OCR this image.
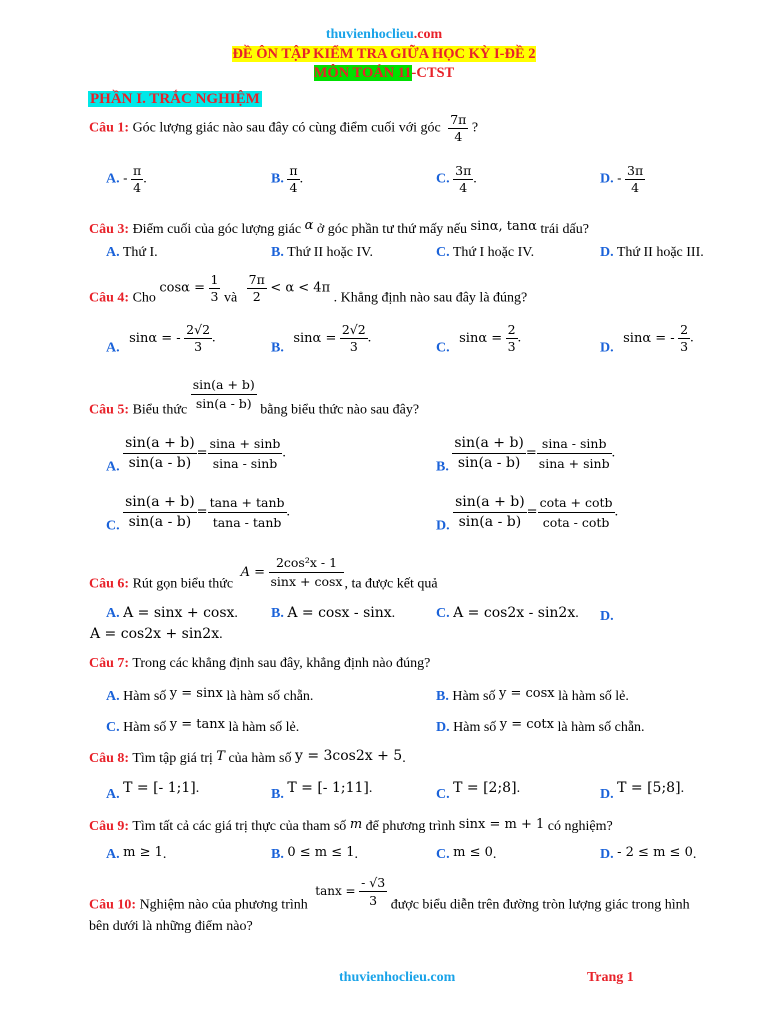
thuvienhoclieu.com
ĐỀ ÔN TẬP KIỂM TRA GIỮA HỌC KỲ I-ĐỀ 2
MÔN TOÁN 11-CTST
PHẦN I. TRẮC NGHIỆM
Câu 1: Góc lượng giác nào sau đây có cùng điểm cuối với góc $\frac{7\pi}{4}$ ?
A. - $\frac{\pi}{4}$ .	B. $\frac{\pi}{4}$ .	C. $\frac{3\pi}{4}$ .	D. - $\frac{3\pi}{4}$
Câu 3: Điểm cuối của góc lượng giác α ở góc phần tư thứ mấy nếu sinα, tanα trái dấu?
A. Thứ I.	B. Thứ II hoặc IV.	C. Thứ I hoặc IV.	D. Thứ II hoặc III.
Câu 4: Cho $\cos\alpha = \frac{1}{3}$ và $\frac{7\pi}{2} < \alpha < 4\pi$ . Khẳng định nào sau đây là đúng?
A. sinα = - $\frac{2√2}{3}$ .
B. $\sin\alpha = \frac{2√2}{3}$ .
C. $\sin\alpha = \frac{2}{3}$ .
D. sinα = - $\frac{2}{3}$ .
Câu 5: Biểu thức $\frac{\sin(a + b)}{\sin(a - b)}$ bằng biểu thức nào sau đây?
A. $\frac{\sin(a + b)}{\sin(a - b)} = \frac{\sin a + \sin b}{\sin a - \sin b}$ .
B. $\frac{\sin(a + b)}{\sin(a - b)} = \frac{\sin a - \sin b}{\sin a + \sin b}$ .
C. $\frac{\sin(a + b)}{\sin(a - b)} = \frac{\tan a + \tan b}{\tan a - \tan b}$ .
D. $\frac{\sin(a + b)}{\sin(a - b)} = \frac{\cot a + \cot b}{\cot a - \cot b}$ .
Câu 6: Rút gọn biểu thức $A = \frac{\text{2cos²x - 1}}{\sin x + \cos x}$ , ta được kết quả
A. A = sinx + cosx. B. A = cosx - sinx.	C. A = cos2x - sin2x. D.
A = cos2x + sin2x.
Câu 7: Trong các khẳng định sau đây, khẳng định nào đúng?
A. Hàm số y = sinx là hàm số chẵn.	B. Hàm số y = cosx là hàm số lẻ.
C. Hàm số y = tanx là hàm số lẻ.	D. Hàm số y = cotx là hàm số chẵn.
Câu 8: Tìm tập giá trị T của hàm số y = 3cos2x + 5.
A. T = [- 1;1].	B. T = [- 1;11].	C. T = [2;8].	D. T = [5;8].
Câu 9: Tìm tất cả các giá trị thực của tham số m để phương trình sinx = m + 1 có nghiệm?
A. m ≥ 1.	B. 0 ≤ m ≤ 1.	C. m ≤ 0.	D. - 2 ≤ m ≤ 0.
Câu 10: Nghiệm nào của phương trình $\tan x = \frac{- √3}{3}$ được biểu diễn trên đường tròn lượng giác trong hình
bên dưới là những điểm nào?
thuvienhoclieu.com	Trang 1
